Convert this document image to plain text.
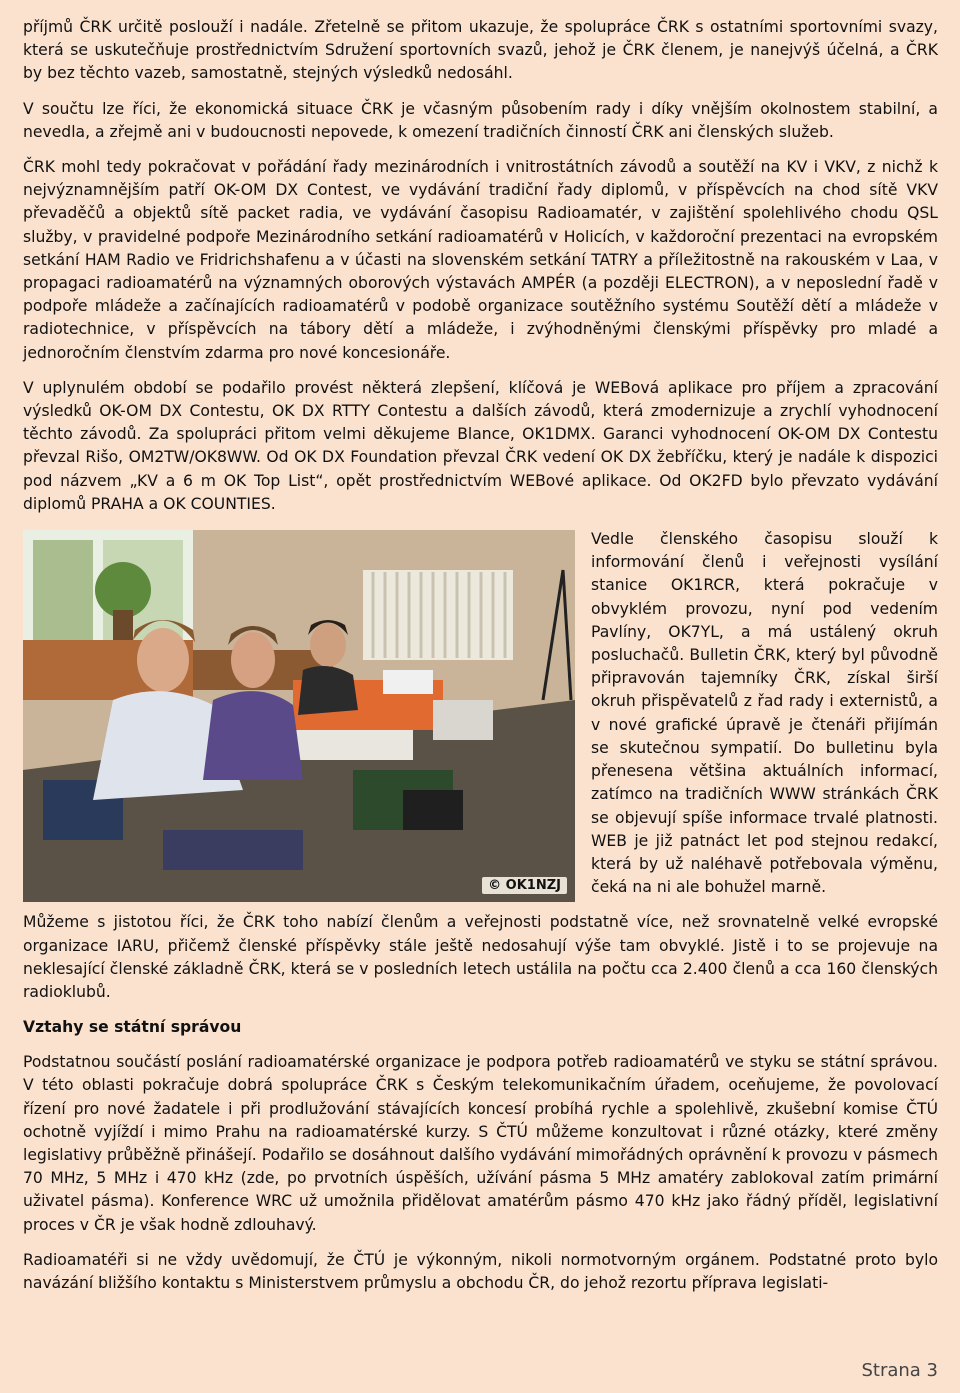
příjmů ČRK určitě poslouží i nadále. Zřetelně se přitom ukazuje, že spolupráce ČRK s ostatními sportovními svazy, která se uskutečňuje prostřednictvím Sdružení sportovních svazů, jehož je ČRK členem, je nanejvýš účelná, a ČRK by bez těchto vazeb, samostatně, stejných výsledků nedosáhl.

V součtu lze říci, že ekonomická situace ČRK je včasným působením rady i díky vnějším okolnostem stabilní, a nevedla, a zřejmě ani v budoucnosti nepovede, k omezení tradičních činností ČRK ani členských služeb.

ČRK mohl tedy pokračovat v pořádání řady mezinárodních i vnitrostátních závodů a soutěží na KV i VKV, z nichž k nejvýznamnějším patří OK-OM DX Contest, ve vydávání tradiční řady diplomů, v příspěvcích na chod sítě VKV převaděčů a objektů sítě packet radia, ve vydávání časopisu Radioamatér, v zajištění spolehlivého chodu QSL služby, v pravidelné podpoře Mezinárodního setkání radioamatérů v Holicích, v každoroční prezentaci na evropském setkání HAM Radio ve Fridrichshafenu a v účasti na slovenském setkání TATRY a příležitostně na rakouském v Laa, v propagaci radioamatérů na významných oborových výstavách AMPÉR (a později ELECTRON), a v neposlední řadě v podpoře mládeže a začínajících radioamatérů v podobě organizace soutěžního systému Soutěží dětí a mládeže v radiotechnice, v příspěvcích na tábory dětí a mládeže, i zvýhodněnými členskými příspěvky pro mladé a jednoročním členstvím zdarma pro nové koncesionáře.

V uplynulém období se podařilo provést některá zlepšení, klíčová je WEBová aplikace pro příjem a zpracování výsledků OK-OM DX Contestu, OK DX RTTY Contestu a dalších závodů, která zmodernizuje a zrychlí vyhodnocení těchto závodů. Za spolupráci přitom velmi děkujeme Blance, OK1DMX. Garanci vyhodnocení OK-OM DX Contestu převzal Rišo, OM2TW/OK8WW. Od OK DX Foundation převzal ČRK vedení OK DX žebříčku, který je nadále k dispozici pod názvem „KV a 6 m OK Top List“, opět prostřednictvím WEBové aplikace. Od OK2FD bylo převzato vydávání diplomů PRAHA a OK COUNTIES.

© OK1NZJ

Vedle členského časopisu slouží k informování členů i veřejnosti vysílání stanice OK1RCR, která pokračuje v obvyklém provozu, nyní pod vedením Pavlíny, OK7YL, a má ustálený okruh posluchačů. Bulletin ČRK, který byl původně připravován tajemníky ČRK, získal širší okruh přispěvatelů z řad rady i externistů, a v nové grafické úpravě je čtenáři přijímán se skutečnou sympatií. Do bulletinu byla přenesena většina aktuálních informací, zatímco na tradičních WWW stránkách ČRK se objevují spíše informace trvalé platnosti. WEB je již patnáct let pod stejnou redakcí, která by už naléhavě potřebovala výměnu, čeká na ni ale bohužel marně.

Můžeme s jistotou říci, že ČRK toho nabízí členům a veřejnosti podstatně více, než srovnatelně velké evropské organizace IARU, přičemž členské příspěvky stále ještě nedosahují výše tam obvyklé. Jistě i to se projevuje na neklesající členské základně ČRK, která se v posledních letech ustálila na počtu cca 2.400 členů a cca 160 členských radioklubů.

Vztahy se státní správou

Podstatnou součástí poslání radioamatérské organizace je podpora potřeb radioamatérů ve styku se státní správou. V této oblasti pokračuje dobrá spolupráce ČRK s Českým telekomunikačním úřadem, oceňujeme, že povolovací řízení pro nové žadatele i při prodlužování stávajících koncesí probíhá rychle a spolehlivě, zkušební komise ČTÚ ochotně vyjíždí i mimo Prahu na radioamatérské kurzy. S ČTÚ můžeme konzultovat i různé otázky, které změny legislativy průběžně přinášejí. Podařilo se dosáhnout dalšího vydávání mimořádných oprávnění k provozu v pásmech 70 MHz, 5 MHz i 470 kHz (zde, po prvotních úspěších, užívání pásma 5 MHz amatéry zablokoval zatím primární uživatel pásma). Konference WRC už umožnila přidělovat amatérům pásmo 470 kHz jako řádný příděl, legislativní proces v ČR je však hodně zdlouhavý.

Radioamatéři si ne vždy uvědomují, že ČTÚ je výkonným, nikoli normotvorným orgánem. Podstatné proto bylo navázání bližšího kontaktu s Ministerstvem průmyslu a obchodu ČR, do jehož rezortu příprava legislati-

Strana 3
